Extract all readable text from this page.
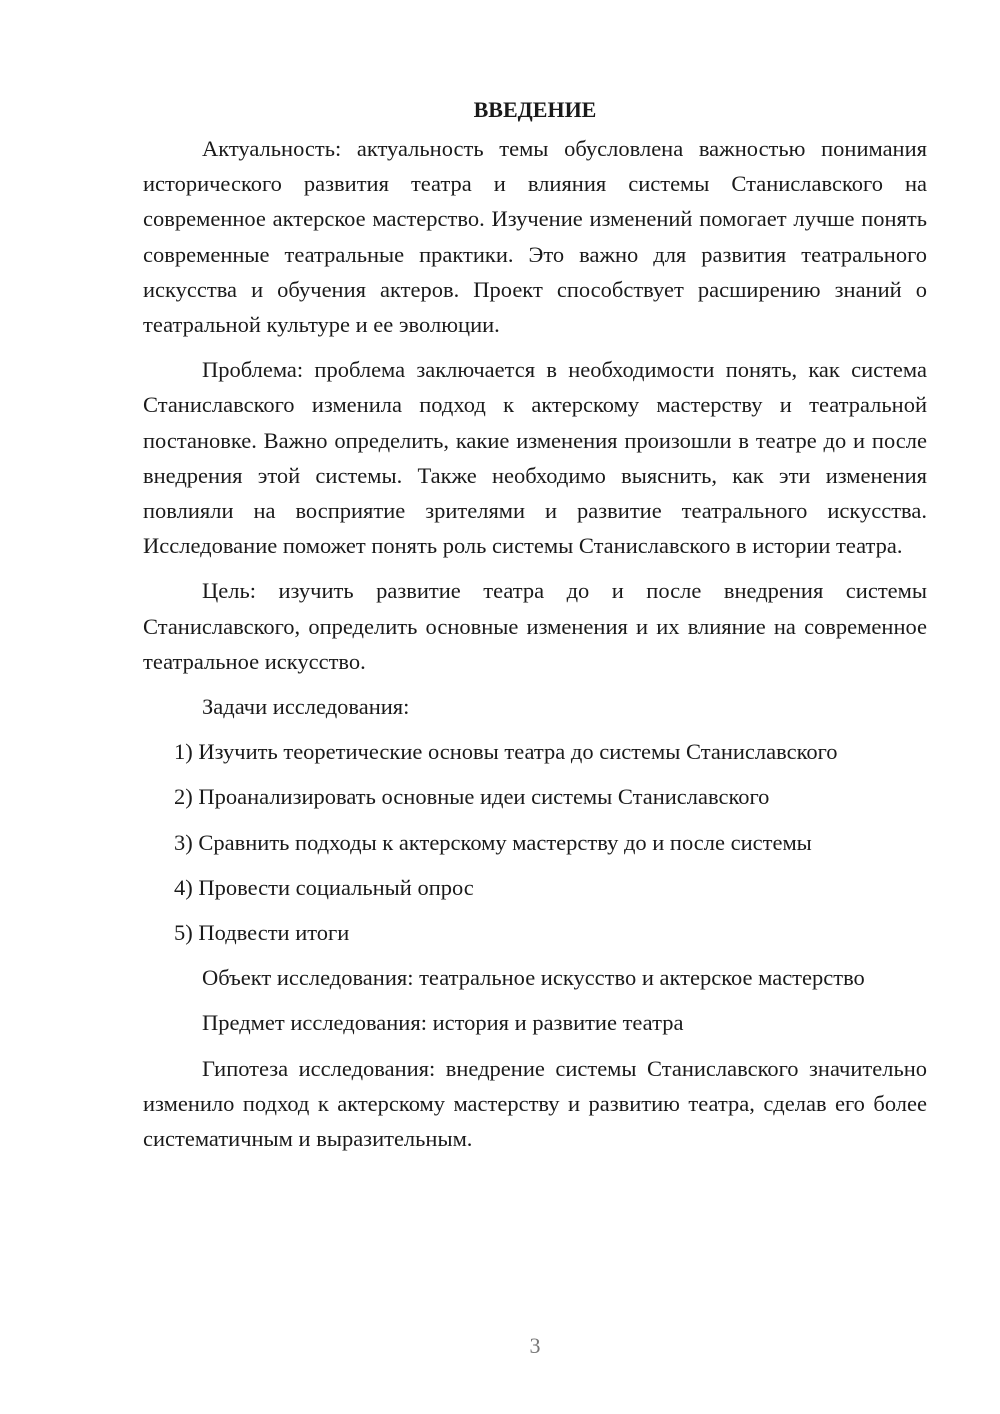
ВВЕДЕНИЕ

Актуальность: актуальность темы обусловлена важностью понимания исторического развития театра и влияния системы Станиславского на современное актерское мастерство. Изучение изменений помогает лучше понять современные театральные практики. Это важно для развития театрального искусства и обучения актеров. Проект способствует расширению знаний о театральной культуре и ее эволюции.

Проблема: проблема заключается в необходимости понять, как система Станиславского изменила подход к актерскому мастерству и театральной постановке. Важно определить, какие изменения произошли в театре до и после внедрения этой системы. Также необходимо выяснить, как эти изменения повлияли на восприятие зрителями и развитие театрального искусства. Исследование поможет понять роль системы Станиславского в истории театра.

Цель: изучить развитие театра до и после внедрения системы Станиславского, определить основные изменения и их влияние на современное театральное искусство.

Задачи исследования:

1) Изучить теоретические основы театра до системы Станиславского
2) Проанализировать основные идеи системы Станиславского
3) Сравнить подходы к актерскому мастерству до и после системы
4) Провести социальный опрос
5) Подвести итоги

Объект исследования: театральное искусство и актерское мастерство

Предмет исследования: история и развитие театра

Гипотеза исследования: внедрение системы Станиславского значительно изменило подход к актерскому мастерству и развитию театра, сделав его более систематичным и выразительным.

3
